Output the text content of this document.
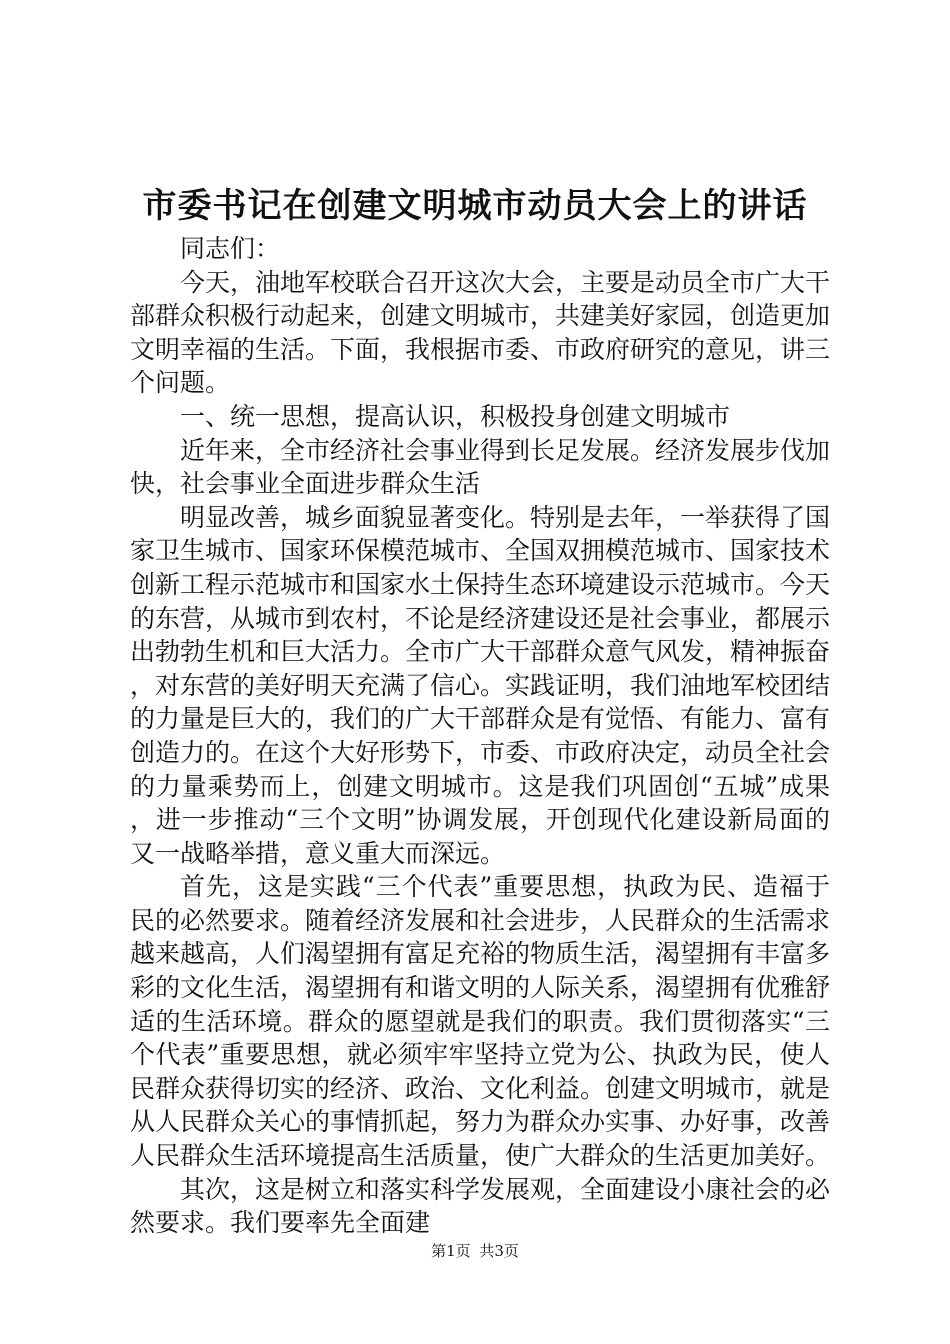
市委书记在创建文明城市动员大会上的讲话

同志们：

今天，油地军校联合召开这次大会，主要是动员全市广大干部群众积极行动起来，创建文明城市，共建美好家园，创造更加文明幸福的生活。下面，我根据市委、市政府研究的意见，讲三个问题。

一、统一思想，提高认识，积极投身创建文明城市

近年来，全市经济社会事业得到长足发展。经济发展步伐加快，社会事业全面进步群众生活

明显改善，城乡面貌显著变化。特别是去年，一举获得了国家卫生城市、国家环保模范城市、全国双拥模范城市、国家技术创新工程示范城市和国家水土保持生态环境建设示范城市。今天的东营，从城市到农村，不论是经济建设还是社会事业，都展示出勃勃生机和巨大活力。全市广大干部群众意气风发，精神振奋，对东营的美好明天充满了信心。实践证明，我们油地军校团结的力量是巨大的，我们的广大干部群众是有觉悟、有能力、富有创造力的。在这个大好形势下，市委、市政府决定，动员全社会的力量乘势而上，创建文明城市。这是我们巩固创“五城”成果，进一步推动“三个文明”协调发展，开创现代化建设新局面的又一战略举措，意义重大而深远。

首先，这是实践“三个代表”重要思想，执政为民、造福于民的必然要求。随着经济发展和社会进步，人民群众的生活需求越来越高，人们渴望拥有富足充裕的物质生活，渴望拥有丰富多彩的文化生活，渴望拥有和谐文明的人际关系，渴望拥有优雅舒适的生活环境。群众的愿望就是我们的职责。我们贯彻落实“三个代表”重要思想，就必须牢牢坚持立党为公、执政为民，使人民群众获得切实的经济、政治、文化利益。创建文明城市，就是从人民群众关心的事情抓起，努力为群众办实事、办好事，改善人民群众生活环境提高生活质量，使广大群众的生活更加美好。

其次，这是树立和落实科学发展观，全面建设小康社会的必然要求。我们要率先全面建

第1页 共3页
